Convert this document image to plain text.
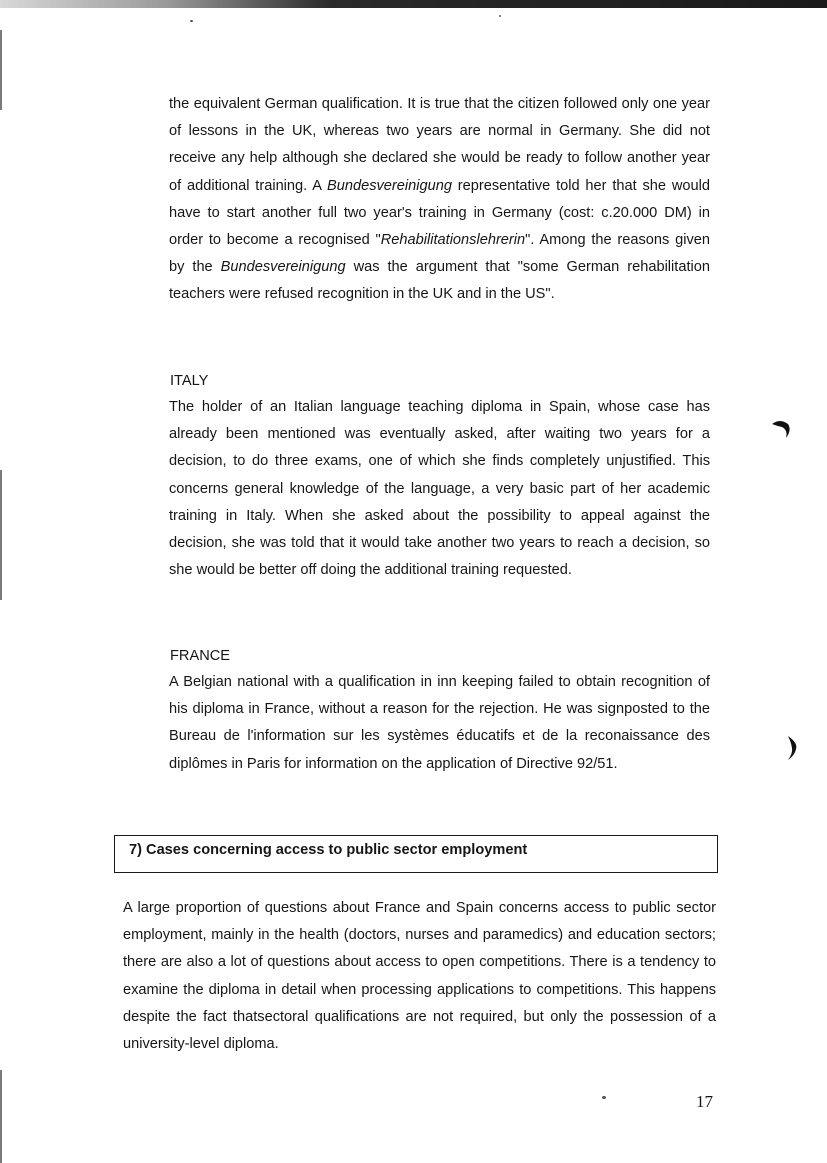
the equivalent German qualification. It is true that the citizen followed only one year of lessons in the UK, whereas two years are normal in Germany. She did not receive any help although she declared she would be ready to follow another year of additional training. A Bundesvereinigung representative told her that she would have to start another full two year's training in Germany (cost: c.20.000 DM) in order to become a recognised "Rehabilitationslehrerin". Among the reasons given by the Bundesvereinigung was the argument that "some German rehabilitation teachers were refused recognition in the UK and in the US".

ITALY

The holder of an Italian language teaching diploma in Spain, whose case has already been mentioned was eventually asked, after waiting two years for a decision, to do three exams, one of which she finds completely unjustified. This concerns general knowledge of the language, a very basic part of her academic training in Italy. When she asked about the possibility to appeal against the decision, she was told that it would take another two years to reach a decision, so she would be better off doing the additional training requested.

FRANCE

A Belgian national with a qualification in inn keeping failed to obtain recognition of his diploma in France, without a reason for the rejection. He was signposted to the Bureau de l'information sur les systèmes éducatifs et de la reconaissance des diplômes in Paris for information on the application of Directive 92/51.

7) Cases concerning access to public sector employment

A large proportion of questions about France and Spain concerns access to public sector employment, mainly in the health (doctors, nurses and paramedics) and education sectors; there are also a lot of questions about access to open competitions. There is a tendency to examine the diploma in detail when processing applications to competitions. This happens despite the fact thatsectoral qualifications are not required, but only the possession of a university-level diploma.

17
